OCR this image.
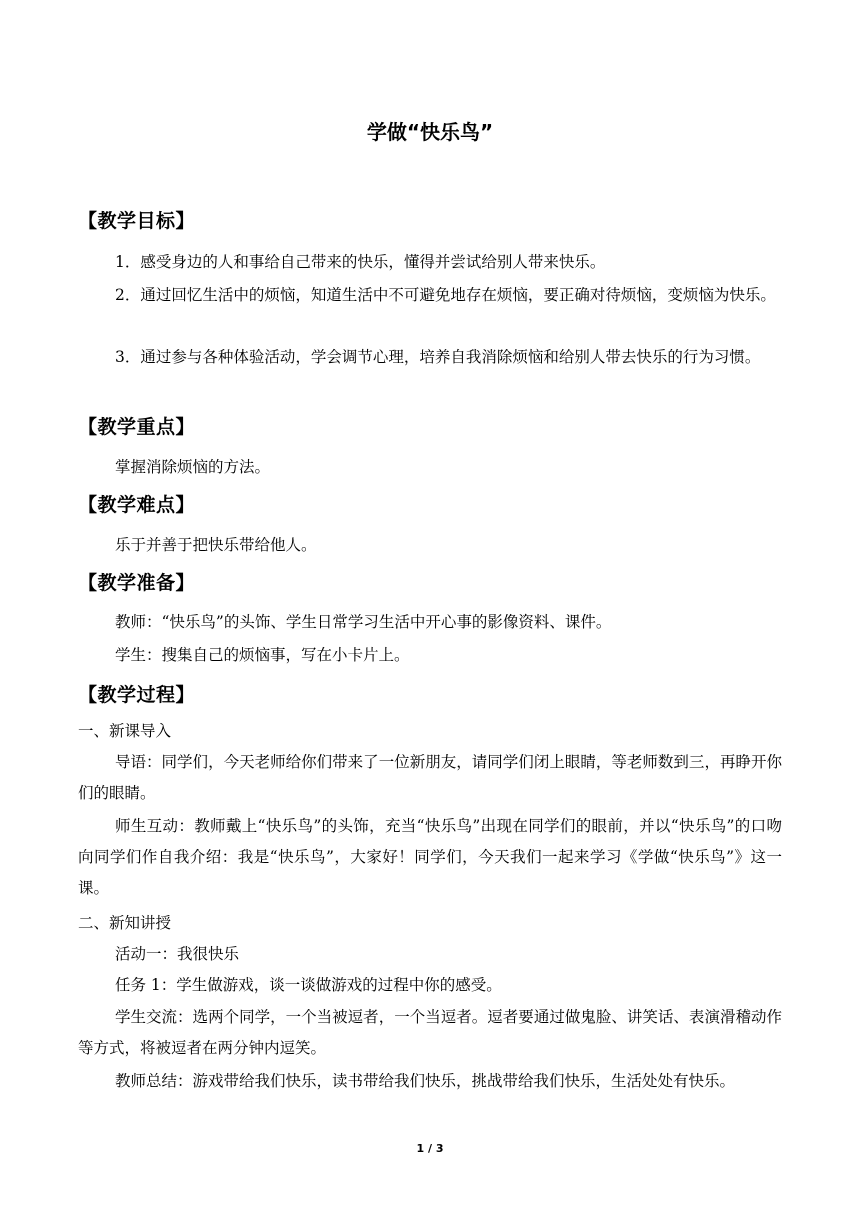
学做“快乐鸟”
【教学目标】
1．感受身边的人和事给自己带来的快乐，懂得并尝试给别人带来快乐。
2．通过回忆生活中的烦恼，知道生活中不可避免地存在烦恼，要正确对待烦恼，变烦恼为快乐。
3．通过参与各种体验活动，学会调节心理，培养自我消除烦恼和给别人带去快乐的行为习惯。
【教学重点】
掌握消除烦恼的方法。
【教学难点】
乐于并善于把快乐带给他人。
【教学准备】
教师：“快乐鸟”的头饰、学生日常学习生活中开心事的影像资料、课件。
学生：搜集自己的烦恼事，写在小卡片上。
【教学过程】
一、新课导入
导语：同学们，今天老师给你们带来了一位新朋友，请同学们闭上眼睛，等老师数到三，再睁开你们的眼睛。
师生互动：教师戴上“快乐鸟”的头饰，充当“快乐鸟”出现在同学们的眼前，并以“快乐鸟”的口吻向同学们作自我介绍：我是“快乐鸟”，大家好！同学们，今天我们一起来学习《学做“快乐鸟”》这一课。
二、新知讲授
活动一：我很快乐
任务 1：学生做游戏，谈一谈做游戏的过程中你的感受。
学生交流：选两个同学，一个当被逗者，一个当逗者。逗者要通过做鬼脸、讲笑话、表演滑稽动作等方式，将被逗者在两分钟内逗笑。
教师总结：游戏带给我们快乐，读书带给我们快乐，挑战带给我们快乐，生活处处有快乐。
1 / 3
